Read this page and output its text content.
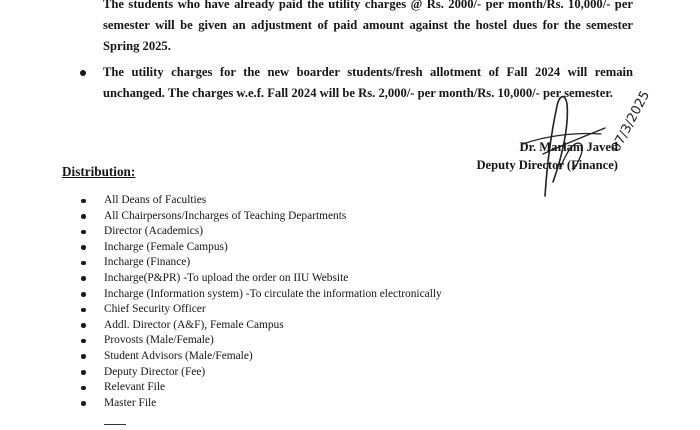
The students who have already paid the utility charges @ Rs. 2000/- per month/Rs. 10,000/- per semester will be given an adjustment of paid amount against the hostel dues for the semester Spring 2025.

The utility charges for the new boarder students/fresh allotment of Fall 2024 will remain unchanged. The charges w.e.f. Fall 2024 will be Rs. 2,000/- per month/Rs. 10,000/- per semester.

07/3/2025
Dr. Mariam Javed
Deputy Director (Finance)

Distribution:

All Deans of Faculties
All Chairpersons/Incharges of Teaching Departments
Director (Academics)
Incharge (Female Campus)
Incharge (Finance)
Incharge(P&PR) -To upload the order on IIU Website
Incharge (Information system) -To circulate the information electronically
Chief Security Officer
Addl. Director (A&F), Female Campus
Provosts (Male/Female)
Student Advisors (Male/Female)
Deputy Director (Fee)
Relevant File
Master File
